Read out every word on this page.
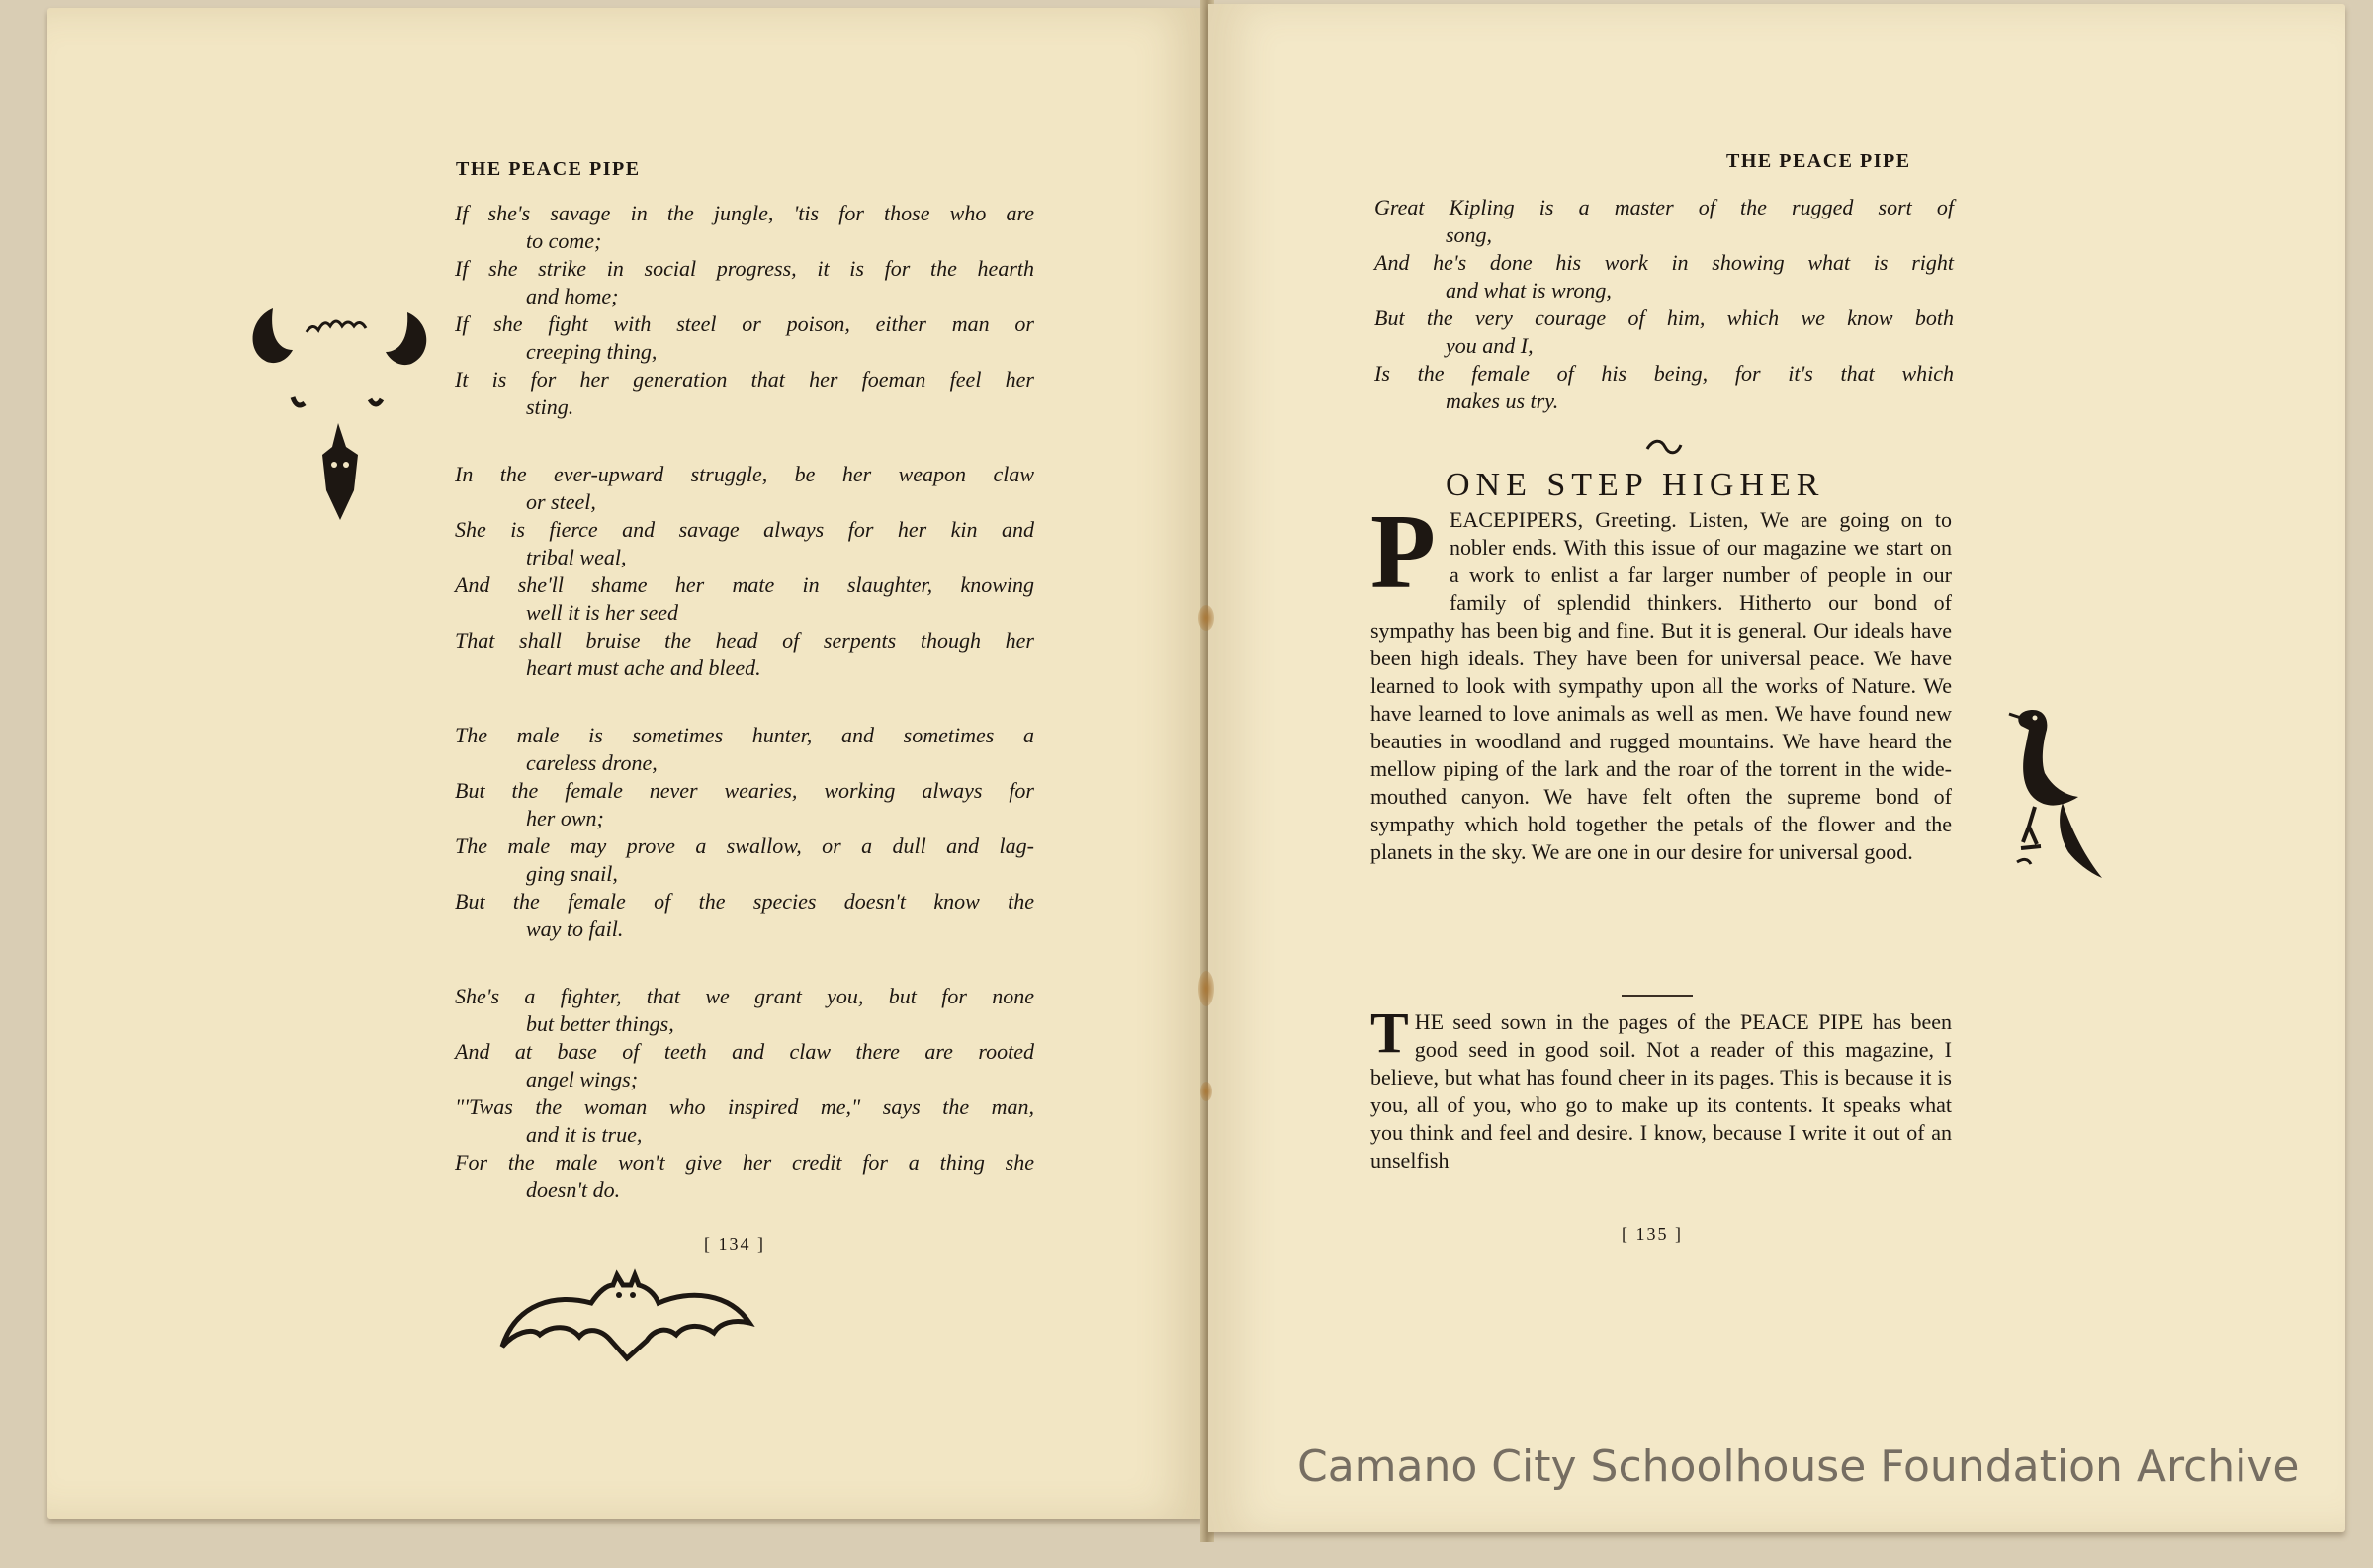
THE PEACE PIPE
If she's savage in the jungle, 'tis for those who are
to come;
If she strike in social progress, it is for the hearth
and home;
If she fight with steel or poison, either man or
creeping thing,
It is for her generation that her foeman feel her
sting.
In the ever-upward struggle, be her weapon claw
or steel,
She is fierce and savage always for her kin and
tribal weal,
And she'll shame her mate in slaughter, knowing
well it is her seed
That shall bruise the head of serpents though her
heart must ache and bleed.
The male is sometimes hunter, and sometimes a
careless drone,
But the female never wearies, working always for
her own;
The male may prove a swallow, or a dull and lag-
ging snail,
But the female of the species doesn't know the
way to fail.
She's a fighter, that we grant you, but for none
but better things,
And at base of teeth and claw there are rooted
angel wings;
"'Twas the woman who inspired me," says the man,
and it is true,
For the male won't give her credit for a thing she
doesn't do.
[ 134 ]
THE PEACE PIPE
Great Kipling is a master of the rugged sort of
song,
And he's done his work in showing what is right
and what is wrong,
But the very courage of him, which we know both
you and I,
Is the female of his being, for it's that which
makes us try.
ONE STEP HIGHER

PEACEPIPERS, Greeting. Listen, We are going on to nobler ends. With this issue of our magazine we start on a work to enlist a far larger number of people in our family of splendid thinkers. Hitherto our bond of sympathy has been big and fine. But it is general. Our ideals have been high ideals. They have been for universal peace. We have learned to look with sympathy upon all the works of Nature. We have learned to love animals as well as men. We have found new beauties in woodland and rugged mountains. We have heard the mellow piping of the lark and the roar of the torrent in the wide-mouthed canyon. We have felt often the supreme bond of sympathy which hold together the petals of the flower and the planets in the sky. We are one in our desire for universal good.

THE seed sown in the pages of the PEACE PIPE has been good seed in good soil. Not a reader of this magazine, I believe, but what has found cheer in its pages. This is because it is you, all of you, who go to make up its contents. It speaks what you think and feel and desire. I know, because I write it out of an unselfish

[ 135 ]
Camano City Schoolhouse Foundation Archive
